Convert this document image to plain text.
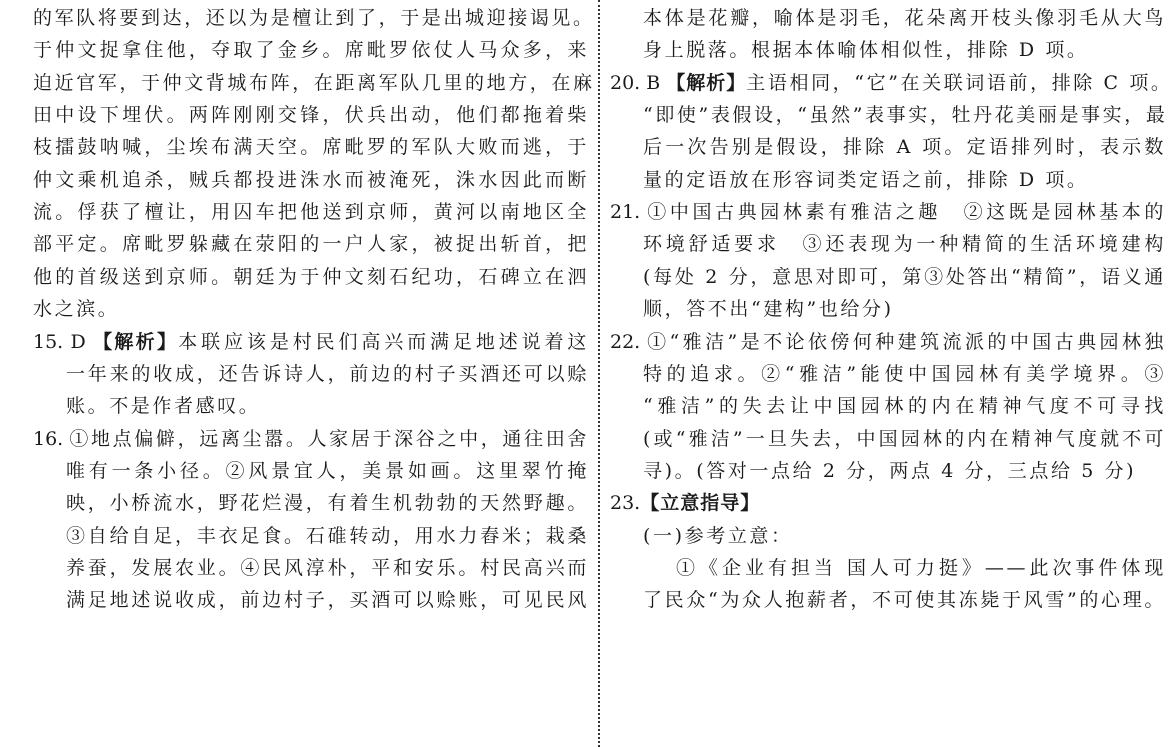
的军队将要到达，还以为是檀让到了，于是出城迎接谒见。
于仲文捉拿住他，夺取了金乡。席毗罗依仗人马众多，来
迫近官军，于仲文背城布阵，在距离军队几里的地方，在麻
田中设下埋伏。两阵刚刚交锋，伏兵出动，他们都拖着柴
枝擂鼓呐喊，尘埃布满天空。席毗罗的军队大败而逃，于
仲文乘机追杀，贼兵都投进洙水而被淹死，洙水因此而断
流。俘获了檀让，用囚车把他送到京师，黄河以南地区全
部平定。席毗罗躲藏在荥阳的一户人家，被捉出斩首，把
他的首级送到京师。朝廷为于仲文刻石纪功，石碑立在泗
水之滨。
15. D 【解析】本联应该是村民们高兴而满足地述说着这
一年来的收成，还告诉诗人，前边的村子买酒还可以赊
账。不是作者感叹。
16. ①地点偏僻，远离尘嚣。人家居于深谷之中，通往田舍
唯有一条小径。②风景宜人，美景如画。这里翠竹掩
映，小桥流水，野花烂漫，有着生机勃勃的天然野趣。
③自给自足，丰衣足食。石碓转动，用水力舂米；栽桑
养蚕，发展农业。④民风淳朴，平和安乐。村民高兴而
满足地述说收成，前边村子，买酒可以赊账，可见民风
本体是花瓣，喻体是羽毛，花朵离开枝头像羽毛从大鸟
身上脱落。根据本体喻体相似性，排除 D 项。
20. B 【解析】主语相同，“它”在关联词语前，排除 C 项。
“即使”表假设，“虽然”表事实，牡丹花美丽是事实，最
后一次告别是假设，排除 A 项。定语排列时，表示数
量的定语放在形容词类定语之前，排除 D 项。
21. ①中国古典园林素有雅洁之趣　②这既是园林基本的
环境舒适要求　③还表现为一种精简的生活环境建构
(每处 2 分，意思对即可，第③处答出“精简”，语义通
顺，答不出“建构”也给分)
22. ①“雅洁”是不论依傍何种建筑流派的中国古典园林独
特的追求。②“雅洁”能使中国园林有美学境界。③
“雅洁”的失去让中国园林的内在精神气度不可寻找
(或“雅洁”一旦失去，中国园林的内在精神气度就不可
寻)。(答对一点给 2 分，两点 4 分，三点给 5 分)
23.【立意指导】
(一)参考立意：
①《企业有担当 国人可力挺》——此次事件体现
了民众“为众人抱薪者，不可使其冻毙于风雪”的心理。
